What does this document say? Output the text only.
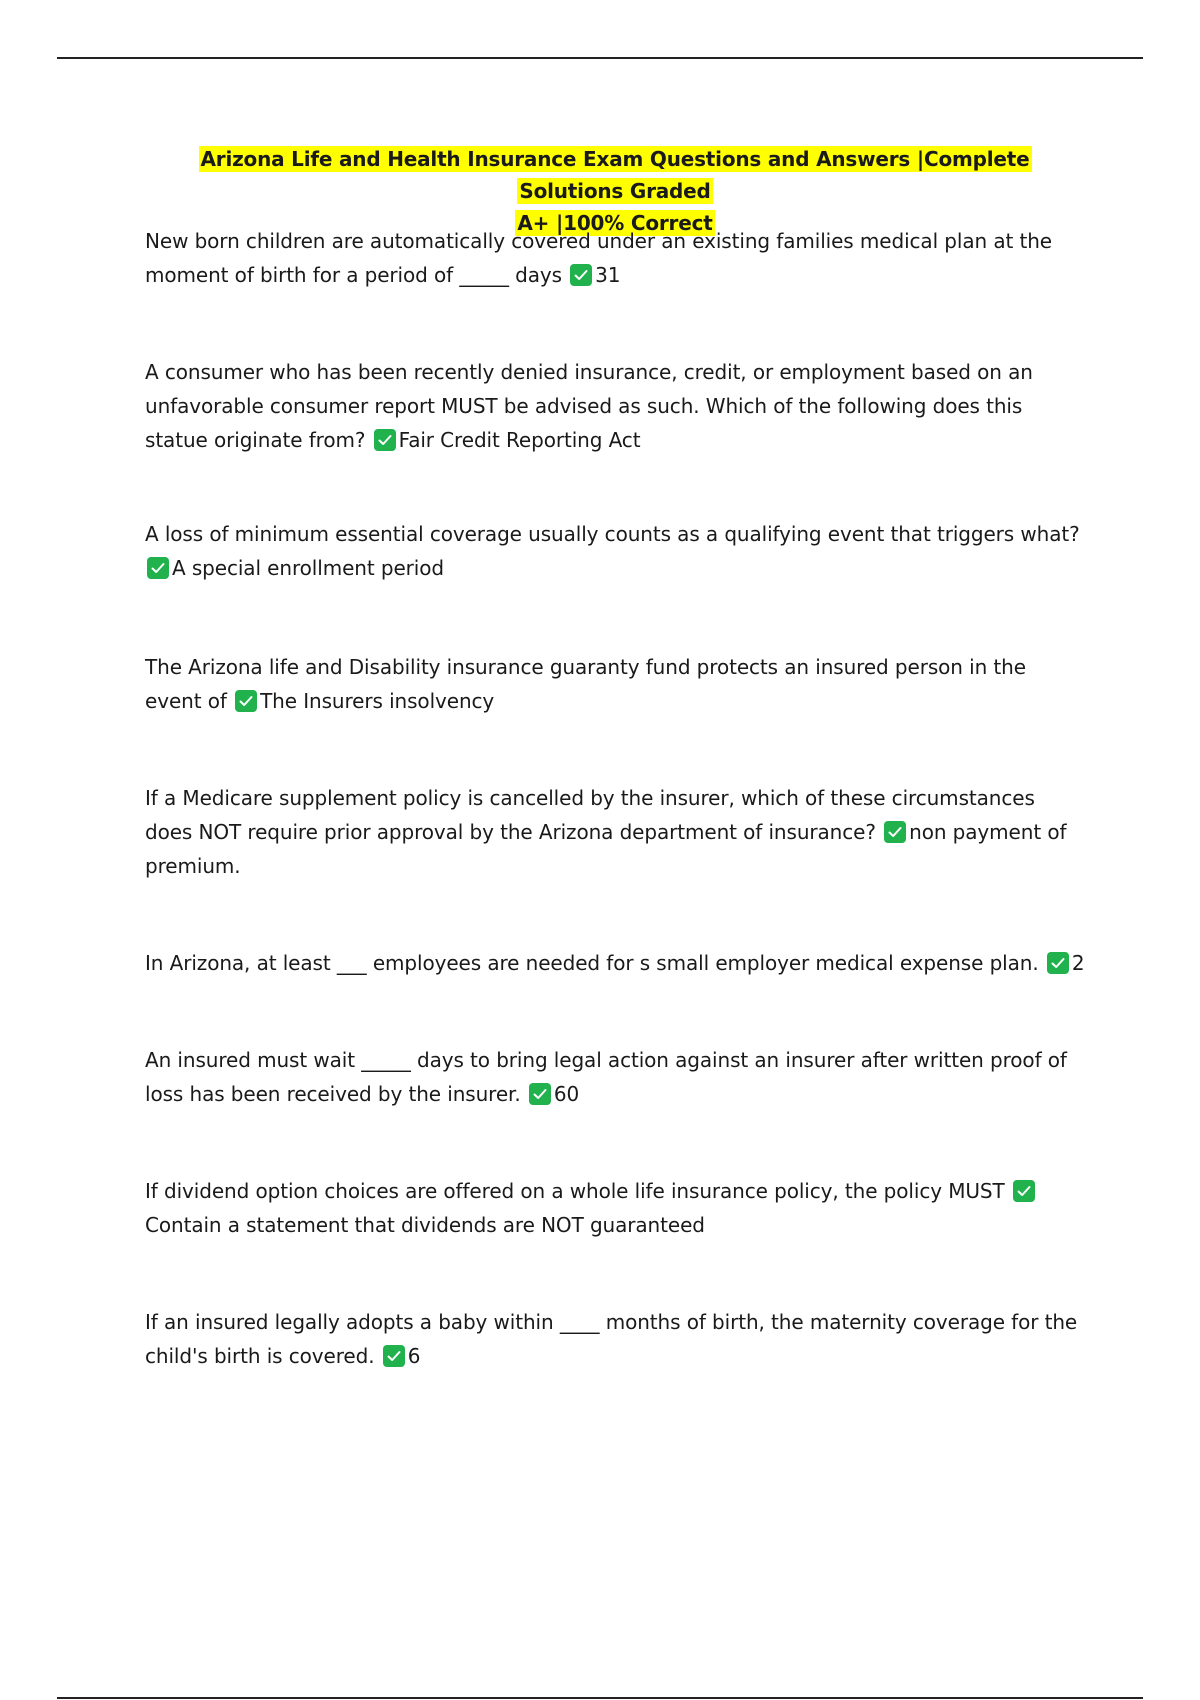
Arizona Life and Health Insurance Exam Questions and Answers |Complete Solutions Graded
A+ |100% Correct
New born children are automatically covered under an existing families medical plan at the moment of birth for a period of _____ days
31
A consumer who has been recently denied insurance, credit, or employment based on an unfavorable consumer report MUST be advised as such. Which of the following does this statue originate from?
Fair Credit Reporting Act
A loss of minimum essential coverage usually counts as a qualifying event that triggers what?
A special enrollment period
The Arizona life and Disability insurance guaranty fund protects an insured person in the event of
The Insurers insolvency
If a Medicare supplement policy is cancelled by the insurer, which of these circumstances does NOT require prior approval by the Arizona department of insurance?
non payment of premium.
In Arizona, at least ___ employees are needed for s small employer medical expense plan.
2
An insured must wait _____ days to bring legal action against an insurer after written proof of loss has been received by the insurer.
60
If dividend option choices are offered on a whole life insurance policy, the policy MUST
Contain a statement that dividends are NOT guaranteed
If an insured legally adopts a baby within ____ months of birth, the maternity coverage for the child's birth is covered.
6
